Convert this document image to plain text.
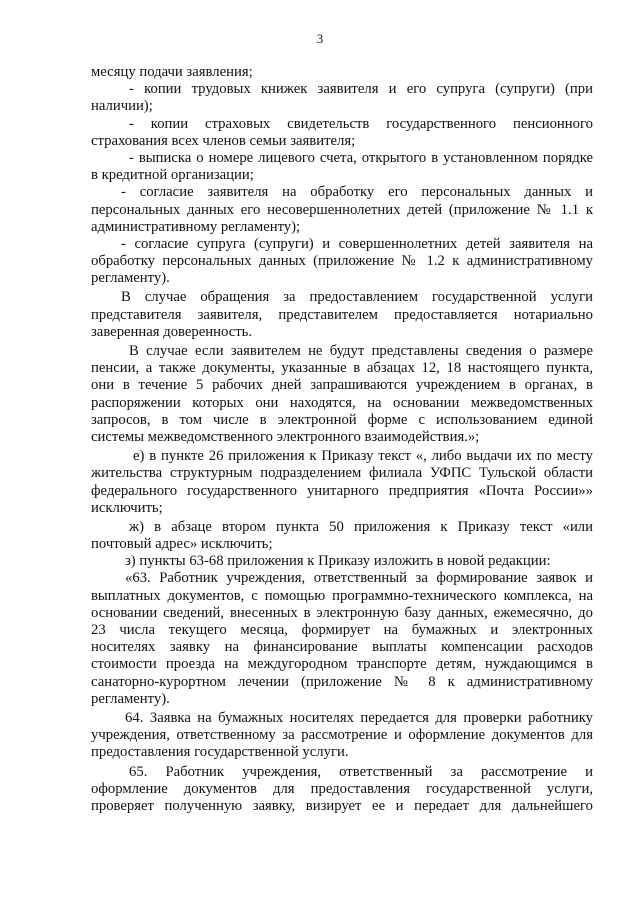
3
месяцу подачи заявления;
- копии трудовых книжек заявителя и его супруга (супруги) (при
наличии);
- копии страховых свидетельств государственного пенсионного
страхования всех членов семьи заявителя;
- выписка о номере лицевого счета, открытого в установленном порядке
в кредитной организации;
- согласие заявителя на обработку его персональных данных и
персональных данных его несовершеннолетних детей (приложение № 1.1 к
административному регламенту);
- согласие супруга (супруги) и совершеннолетних детей заявителя на
обработку персональных данных (приложение № 1.2 к административному
регламенту).
В случае обращения за предоставлением государственной услуги
представителя заявителя, представителем предоставляется нотариально
заверенная доверенность.
В случае если заявителем не будут представлены сведения о размере
пенсии, а также документы, указанные в абзацах 12, 18 настоящего пункта,
они в течение 5 рабочих дней запрашиваются учреждением в органах, в
распоряжении которых они находятся, на основании межведомственных
запросов, в том числе в электронной форме с использованием единой
системы межведомственного электронного взаимодействия.»;
е) в пункте 26 приложения к Приказу текст «, либо выдачи их по месту
жительства структурным подразделением филиала УФПС Тульской области
федерального государственного унитарного предприятия «Почта России»»
исключить;
ж) в абзаце втором пункта 50 приложения к Приказу текст «или
почтовый адрес» исключить;
з) пункты 63-68 приложения к Приказу изложить в новой редакции:
«63. Работник учреждения, ответственный за формирование заявок и
выплатных документов, с помощью программно-технического комплекса, на
основании сведений, внесенных в электронную базу данных, ежемесячно, до
23 числа текущего месяца, формирует на бумажных и электронных
носителях заявку на финансирование выплаты компенсации расходов
стоимости проезда на междугородном транспорте детям, нуждающимся в
санаторно-курортном лечении (приложение № 8 к административному
регламенту).
64. Заявка на бумажных носителях передается для проверки работнику
учреждения, ответственному за рассмотрение и оформление документов для
предоставления государственной услуги.
65. Работник учреждения, ответственный за рассмотрение и
оформление документов для предоставления государственной услуги,
проверяет полученную заявку, визирует ее и передает для дальнейшего
